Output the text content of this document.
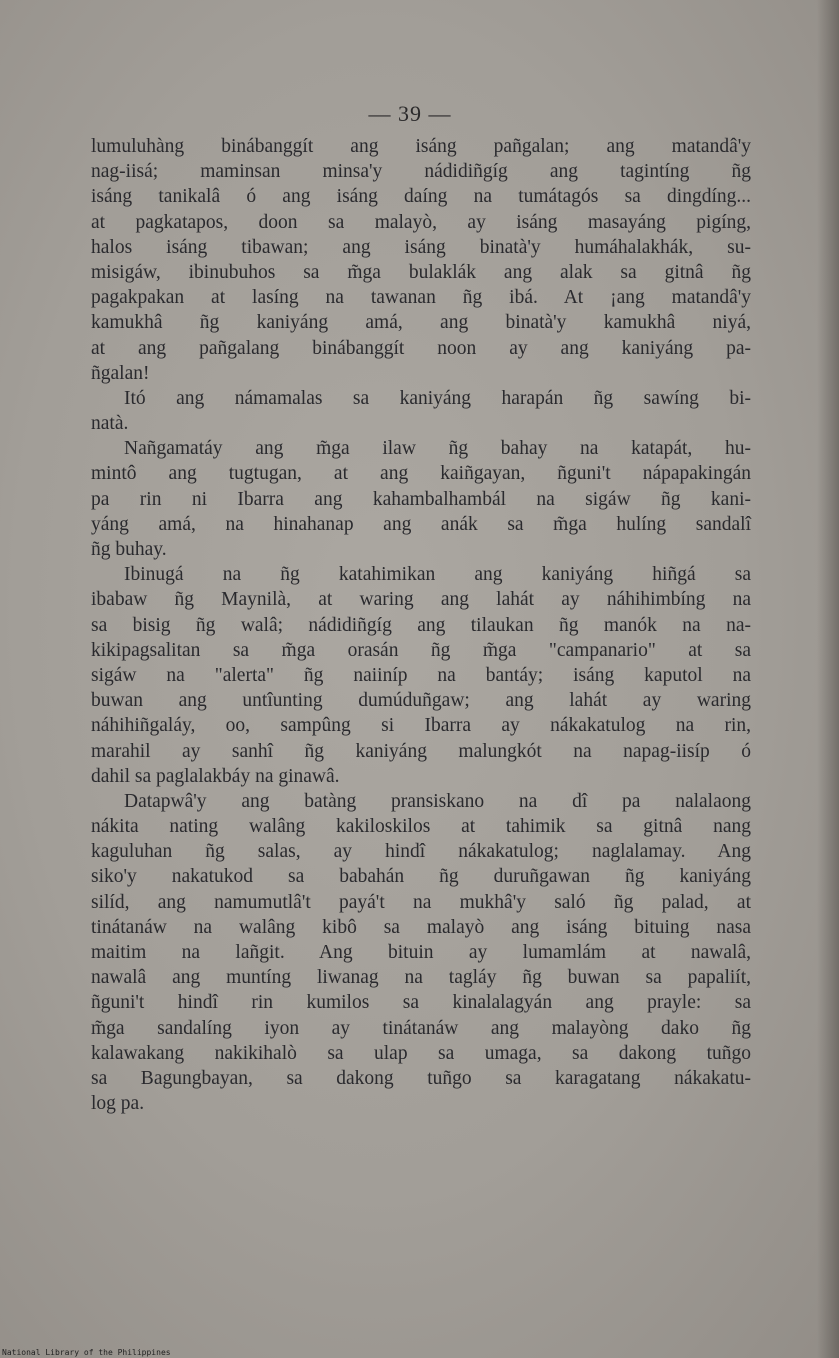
— 39 —
lumuluhàng binábanggít ang isáng pañgalan; ang matandâ'y
nag-iisá; maminsan minsa'y nádidiñgíg ang tagintíng ñg
isáng tanikalâ ó ang isáng daíng na tumátagós sa dingdíng...
at pagkatapos, doon sa malayò, ay isáng masayáng pigíng,
halos isáng tibawan; ang isáng binatà'y humáhalakhák, su-
misigáw, ibinubuhos sa m̃ga bulaklák ang alak sa gitnâ ñg
pagakpakan at lasíng na tawanan ñg ibá. At ¡ang matandâ'y
kamukhâ ñg kaniyáng amá, ang binatà'y kamukhâ niyá,
at ang pañgalang binábanggít noon ay ang kaniyáng pa-
ñgalan!
Itó ang námamalas sa kaniyáng harapán ñg sawíng bi-
natà.
Nañgamatáy ang m̃ga ilaw ñg bahay na katapát, hu-
mintô ang tugtugan, at ang kaiñgayan, ñguni't nápapakingán
pa rin ni Ibarra ang kahambalhambál na sigáw ñg kani-
yáng amá, na hinahanap ang anák sa m̃ga hulíng sandalî
ñg buhay.
Ibinugá na ñg katahimikan ang kaniyáng hiñgá sa
ibabaw ñg Maynilà, at waring ang lahát ay náhihimbíng na
sa bisig ñg walâ; nádidiñgíg ang tilaukan ñg manók na na-
kikipagsalitan sa m̃ga orasán ñg m̃ga "campanario" at sa
sigáw na "alerta" ñg naiiníp na bantáy; isáng kaputol na
buwan ang untîunting dumúduñgaw; ang lahát ay waring
náhihiñgaláy, oo, sampûng si Ibarra ay nákakatulog na rin,
marahil ay sanhî ñg kaniyáng malungkót na napag-iisíp ó
dahil sa paglalakbáy na ginawâ.
Datapwâ'y ang batàng pransiskano na dî pa nalalaong
nákita nating walâng kakiloskilos at tahimik sa gitnâ nang
kaguluhan ñg salas, ay hindî nákakatulog; naglalamay. Ang
siko'y nakatukod sa babahán ñg duruñgawan ñg kaniyáng
silíd, ang namumutlâ't payá't na mukhâ'y saló ñg palad, at
tinátanáw na walâng kibô sa malayò ang isáng bituing nasa
maitim na lañgit. Ang bituin ay lumamlám at nawalâ,
nawalâ ang muntíng liwanag na tagláy ñg buwan sa papaliít,
ñguni't hindî rin kumilos sa kinalalagyán ang prayle: sa
m̃ga sandalíng iyon ay tinátanáw ang malayòng dako ñg
kalawakang nakikihalò sa ulap sa umaga, sa dakong tuñgo
sa Bagungbayan, sa dakong tuñgo sa karagatang nákakatu-
log pa.
National Library of the Philippines
